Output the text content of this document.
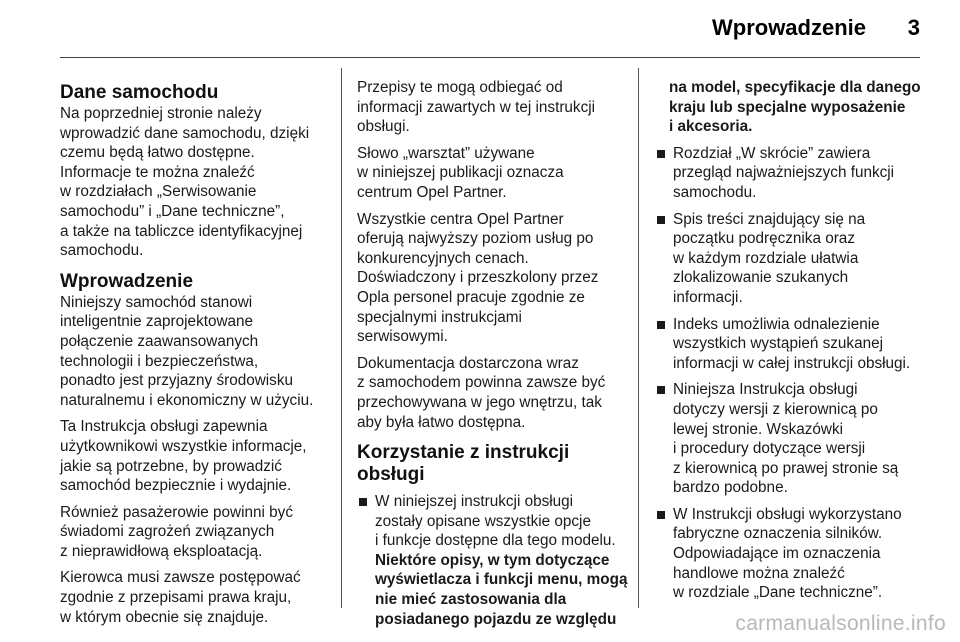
Wprowadzenie 3
Dane samochodu

Na poprzedniej stronie należy
wprowadzić dane samochodu, dzięki
czemu będą łatwo dostępne.
Informacje te można znaleźć
w rozdziałach „Serwisowanie
samochodu” i „Dane techniczne”,
a także na tabliczce identyfikacyjnej
samochodu.

Wprowadzenie

Niniejszy samochód stanowi
inteligentnie zaprojektowane
połączenie zaawansowanych
technologii i bezpieczeństwa,
ponadto jest przyjazny środowisku
naturalnemu i ekonomiczny w użyciu.

Ta Instrukcja obsługi zapewnia
użytkownikowi wszystkie informacje,
jakie są potrzebne, by prowadzić
samochód bezpiecznie i wydajnie.

Również pasażerowie powinni być
świadomi zagrożeń związanych
z nieprawidłową eksploatacją.

Kierowca musi zawsze postępować
zgodnie z przepisami prawa kraju,
w którym obecnie się znajduje.

Przepisy te mogą odbiegać od
informacji zawartych w tej instrukcji
obsługi.

Słowo „warsztat” używane
w niniejszej publikacji oznacza
centrum Opel Partner.

Wszystkie centra Opel Partner
oferują najwyższy poziom usług po
konkurencyjnych cenach.
Doświadczony i przeszkolony przez
Opla personel pracuje zgodnie ze
specjalnymi instrukcjami
serwisowymi.

Dokumentacja dostarczona wraz
z samochodem powinna zawsze być
przechowywana w jego wnętrzu, tak
aby była łatwo dostępna.

Korzystanie z instrukcji obsługi
W niniejszej instrukcji obsługi
zostały opisane wszystkie opcje
i funkcje dostępne dla tego modelu.
Niektóre opisy, w tym dotyczące
wyświetlacza i funkcji menu, mogą
nie mieć zastosowania dla
posiadanego pojazdu ze względu

na model, specyfikacje dla danego
kraju lub specjalne wyposażenie
i akcesoria.

Rozdział „W skrócie” zawiera
przegląd najważniejszych funkcji
samochodu.
Spis treści znajdujący się na
początku podręcznika oraz
w każdym rozdziale ułatwia
zlokalizowanie szukanych
informacji.
Indeks umożliwia odnalezienie
wszystkich wystąpień szukanej
informacji w całej instrukcji obsługi.
Niniejsza Instrukcja obsługi
dotyczy wersji z kierownicą po
lewej stronie. Wskazówki
i procedury dotyczące wersji
z kierownicą po prawej stronie są
bardzo podobne.
W Instrukcji obsługi wykorzystano
fabryczne oznaczenia silników.
Odpowiadające im oznaczenia
handlowe można znaleźć
w rozdziale „Dane techniczne”.
carmanualsonline.info
